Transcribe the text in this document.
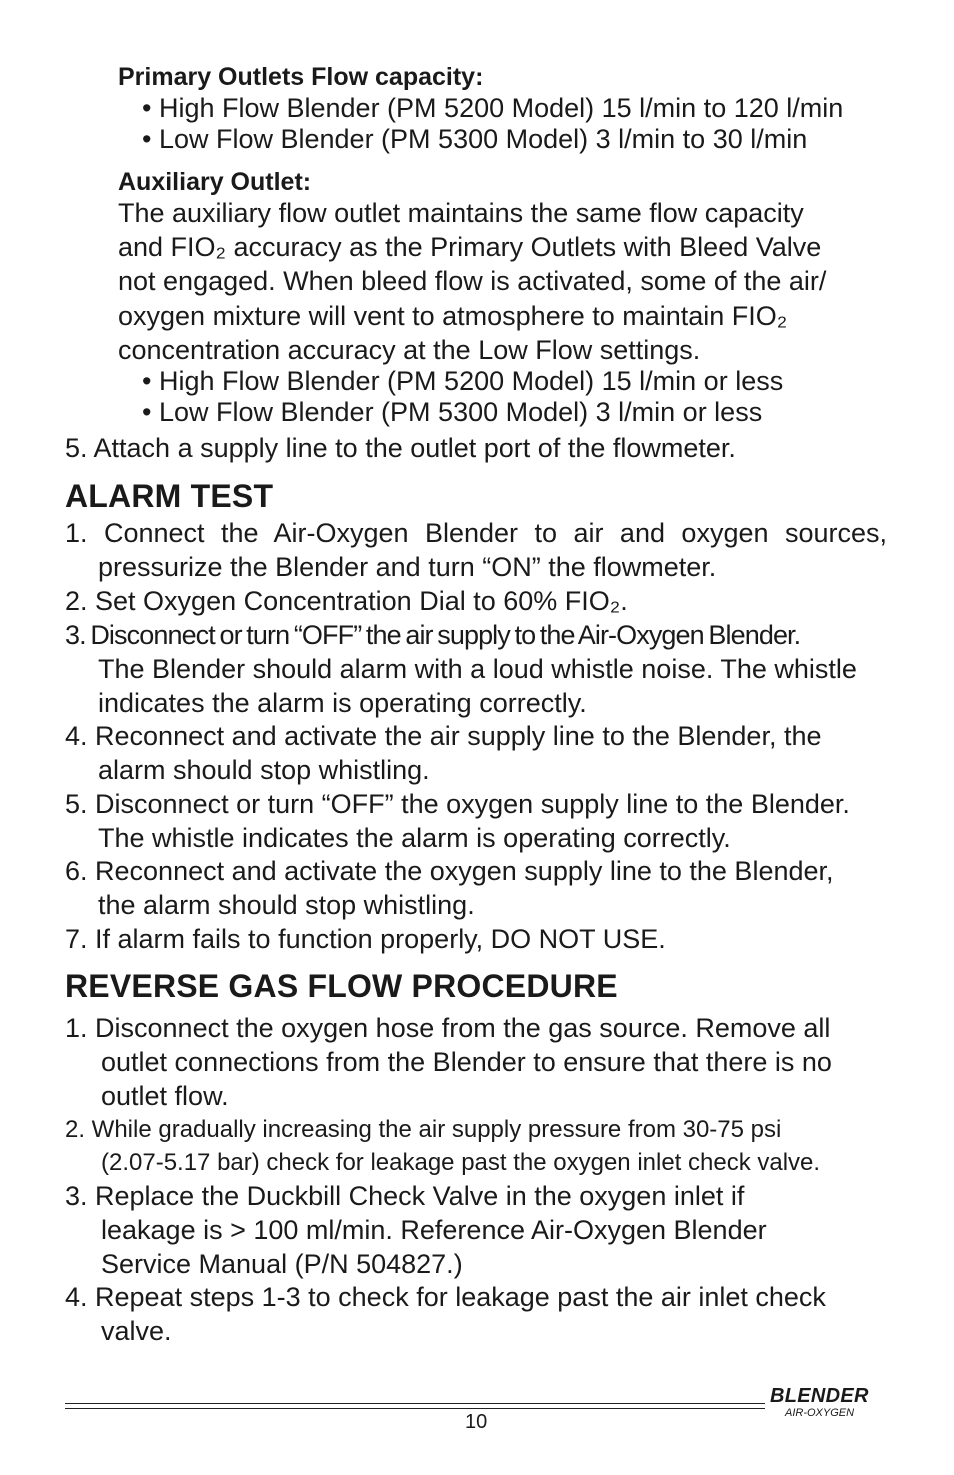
Primary Outlets Flow capacity:
• High Flow Blender (PM 5200 Model) 15 l/min to 120 l/min
• Low Flow Blender (PM 5300 Model) 3 l/min to 30 l/min
Auxiliary Outlet:
The auxiliary flow outlet maintains the same flow capacity
and FIO₂ accuracy as the Primary Outlets with Bleed Valve
not engaged. When bleed flow is activated, some of the air/
oxygen mixture will vent to atmosphere to maintain FIO₂
concentration accuracy at the Low Flow settings.
• High Flow Blender (PM 5200 Model) 15 l/min or less
• Low Flow Blender (PM 5300 Model) 3 l/min or less
5. Attach a supply line to the outlet port of the flowmeter.
ALARM TEST
1. Connect the Air-Oxygen Blender to air and oxygen sources,
pressurize the Blender and turn “ON” the flowmeter.
2. Set Oxygen Concentration Dial to 60% FIO₂.
3. Disconnect or turn “OFF” the air supply to the Air-Oxygen Blender.
The Blender should alarm with a loud whistle noise. The whistle
indicates the alarm is operating correctly.
4. Reconnect and activate the air supply line to the Blender, the
alarm should stop whistling.
5. Disconnect or turn “OFF” the oxygen supply line to the Blender.
The whistle indicates the alarm is operating correctly.
6. Reconnect and activate the oxygen supply line to the Blender,
the alarm should stop whistling.
7. If alarm fails to function properly, DO NOT USE.
REVERSE GAS FLOW PROCEDURE
1. Disconnect the oxygen hose from the gas source. Remove all
outlet connections from the Blender to ensure that there is no
outlet flow.
2. While gradually increasing the air supply pressure from 30-75 psi
(2.07-5.17 bar) check for leakage past the oxygen inlet check valve.
3. Replace the Duckbill Check Valve in the oxygen inlet if
leakage is > 100 ml/min. Reference Air-Oxygen Blender
Service Manual (P/N 504827.)
4. Repeat steps 1-3 to check for leakage past the air inlet check
valve.
10
BLENDER
AIR-OXYGEN
